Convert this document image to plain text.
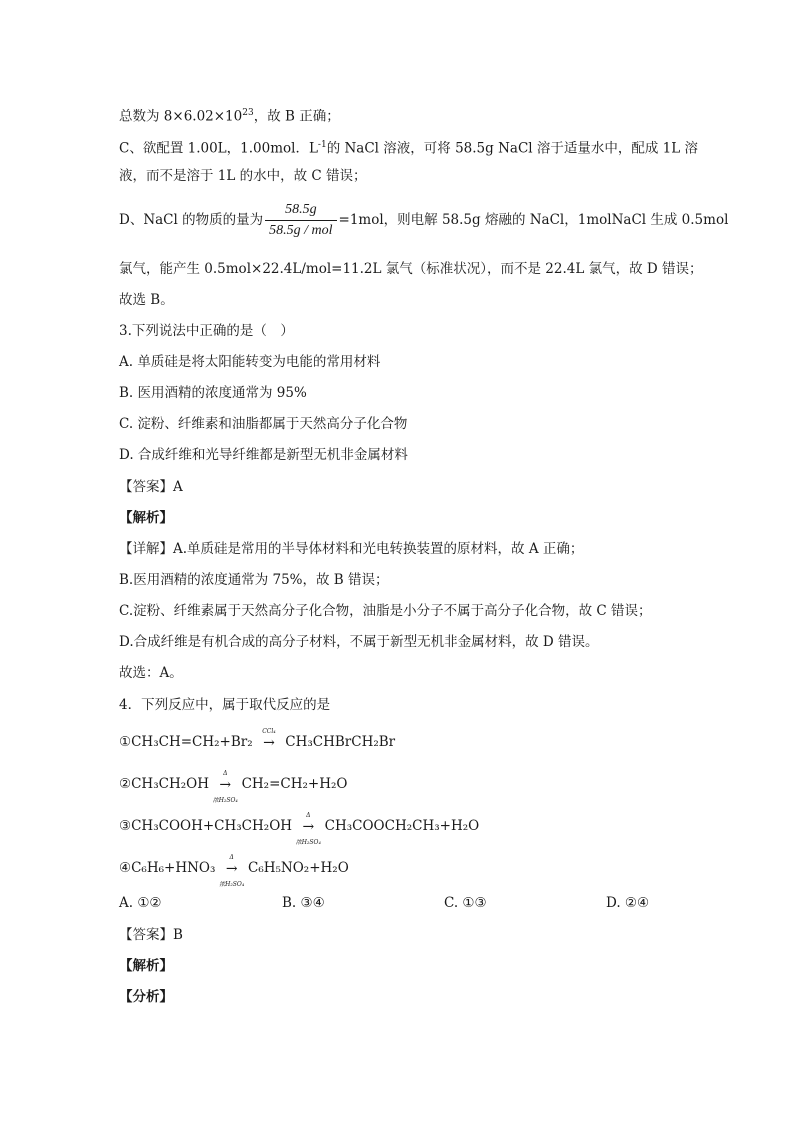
总数为 $8\times 6.02\times 10^{23}$，故 B 正确；
C、欲配置 1.00L，1.00mol．$L^{-1}$的 NaCl 溶液，可将 58.5g NaCl 溶于适量水中，配成 1L 溶
液，而不是溶于 1L 的水中，故 C 错误；
D、NaCl 的物质的量为 $\frac{58.5g}{\text{58.5g / mol}} =1mol$，则电解 58.5g 熔融的 NaCl，1molNaCl 生成 0.5mol
氯气，能产生 0.5mol×22.4L/mol=11.2L 氯气（标准状况），而不是 22.4L 氯气，故 D 错误；
故选 B。
3.下列说法中正确的是（　）
A. 单质硅是将太阳能转变为电能的常用材料
B. 医用酒精的浓度通常为 95%
C. 淀粉、纤维素和油脂都属于天然高分子化合物
D. 合成纤维和光导纤维都是新型无机非金属材料
【答案】A
【解析】
【详解】A.单质硅是常用的半导体材料和光电转换装置的原材料，故 A 正确；
B.医用酒精的浓度通常为 75%，故 B 错误；
C.淀粉、纤维素属于天然高分子化合物，油脂是小分子不属于高分子化合物，故 C 错误；
D.合成纤维是有机合成的高分子材料，不属于新型无机非金属材料，故 D 错误。
故选：A。
4．下列反应中，属于取代反应的是
①CH₃CH=CH₂+Br₂
CCl₄
→ CH₃CHBrCH₂Br
②CH₃CH₂OH
Δ
→
浓H₂SO₄
CH₂=CH₂+H₂O
③CH₃COOH+CH₃CH₂OH
Δ
→
浓H₂SO₄
CH₃COOCH₂CH₃+H₂O
④C₆H₆+HNO₃
Δ
→
浓H₂SO₄
C₆H₅NO₂+H₂O
A. ①②	B. ③④	C. ①③	D. ②④
【答案】B
【解析】
【分析】
